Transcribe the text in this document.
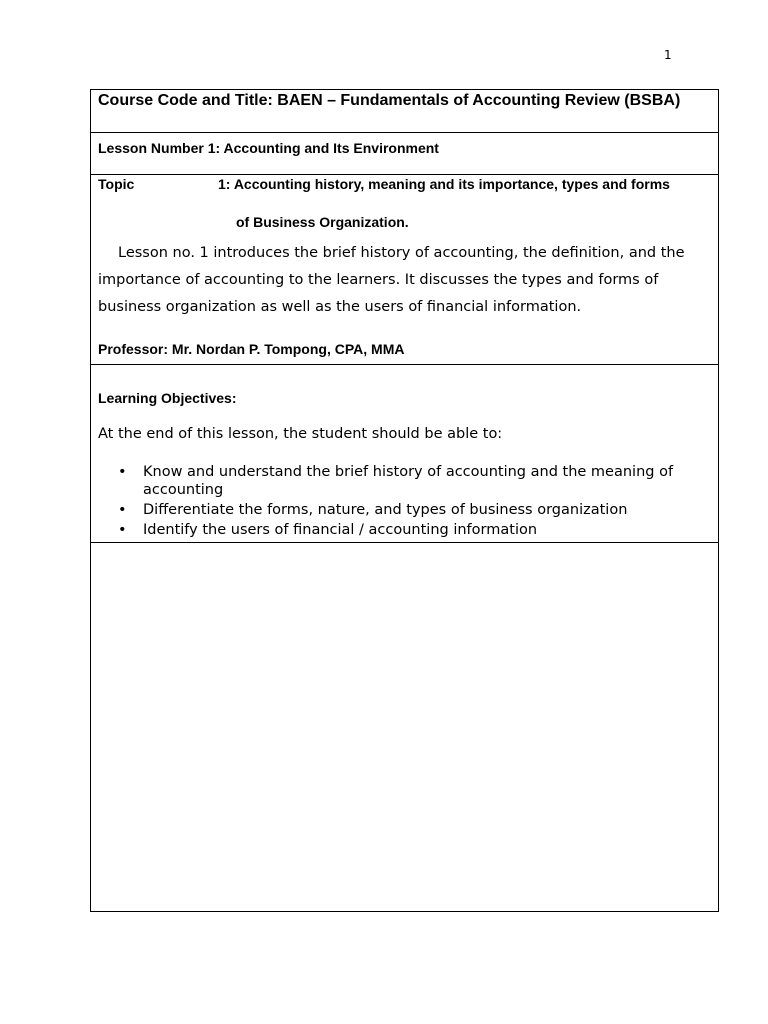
1
Course Code and Title: BAEN – Fundamentals of Accounting Review (BSBA)
Lesson Number 1: Accounting and Its Environment
Topic	1: Accounting history, meaning and its importance, types and forms
of Business Organization.
Lesson no. 1 introduces the brief history of accounting, the definition, and the importance of accounting to the learners. It discusses the types and forms of business organization as well as the users of financial information.
Professor: Mr. Nordan P. Tompong, CPA, MMA
Learning Objectives:
At the end of this lesson, the student should be able to:
• Know and understand the brief history of accounting and the meaning of accounting
• Differentiate the forms, nature, and types of business organization
• Identify the users of financial / accounting information
